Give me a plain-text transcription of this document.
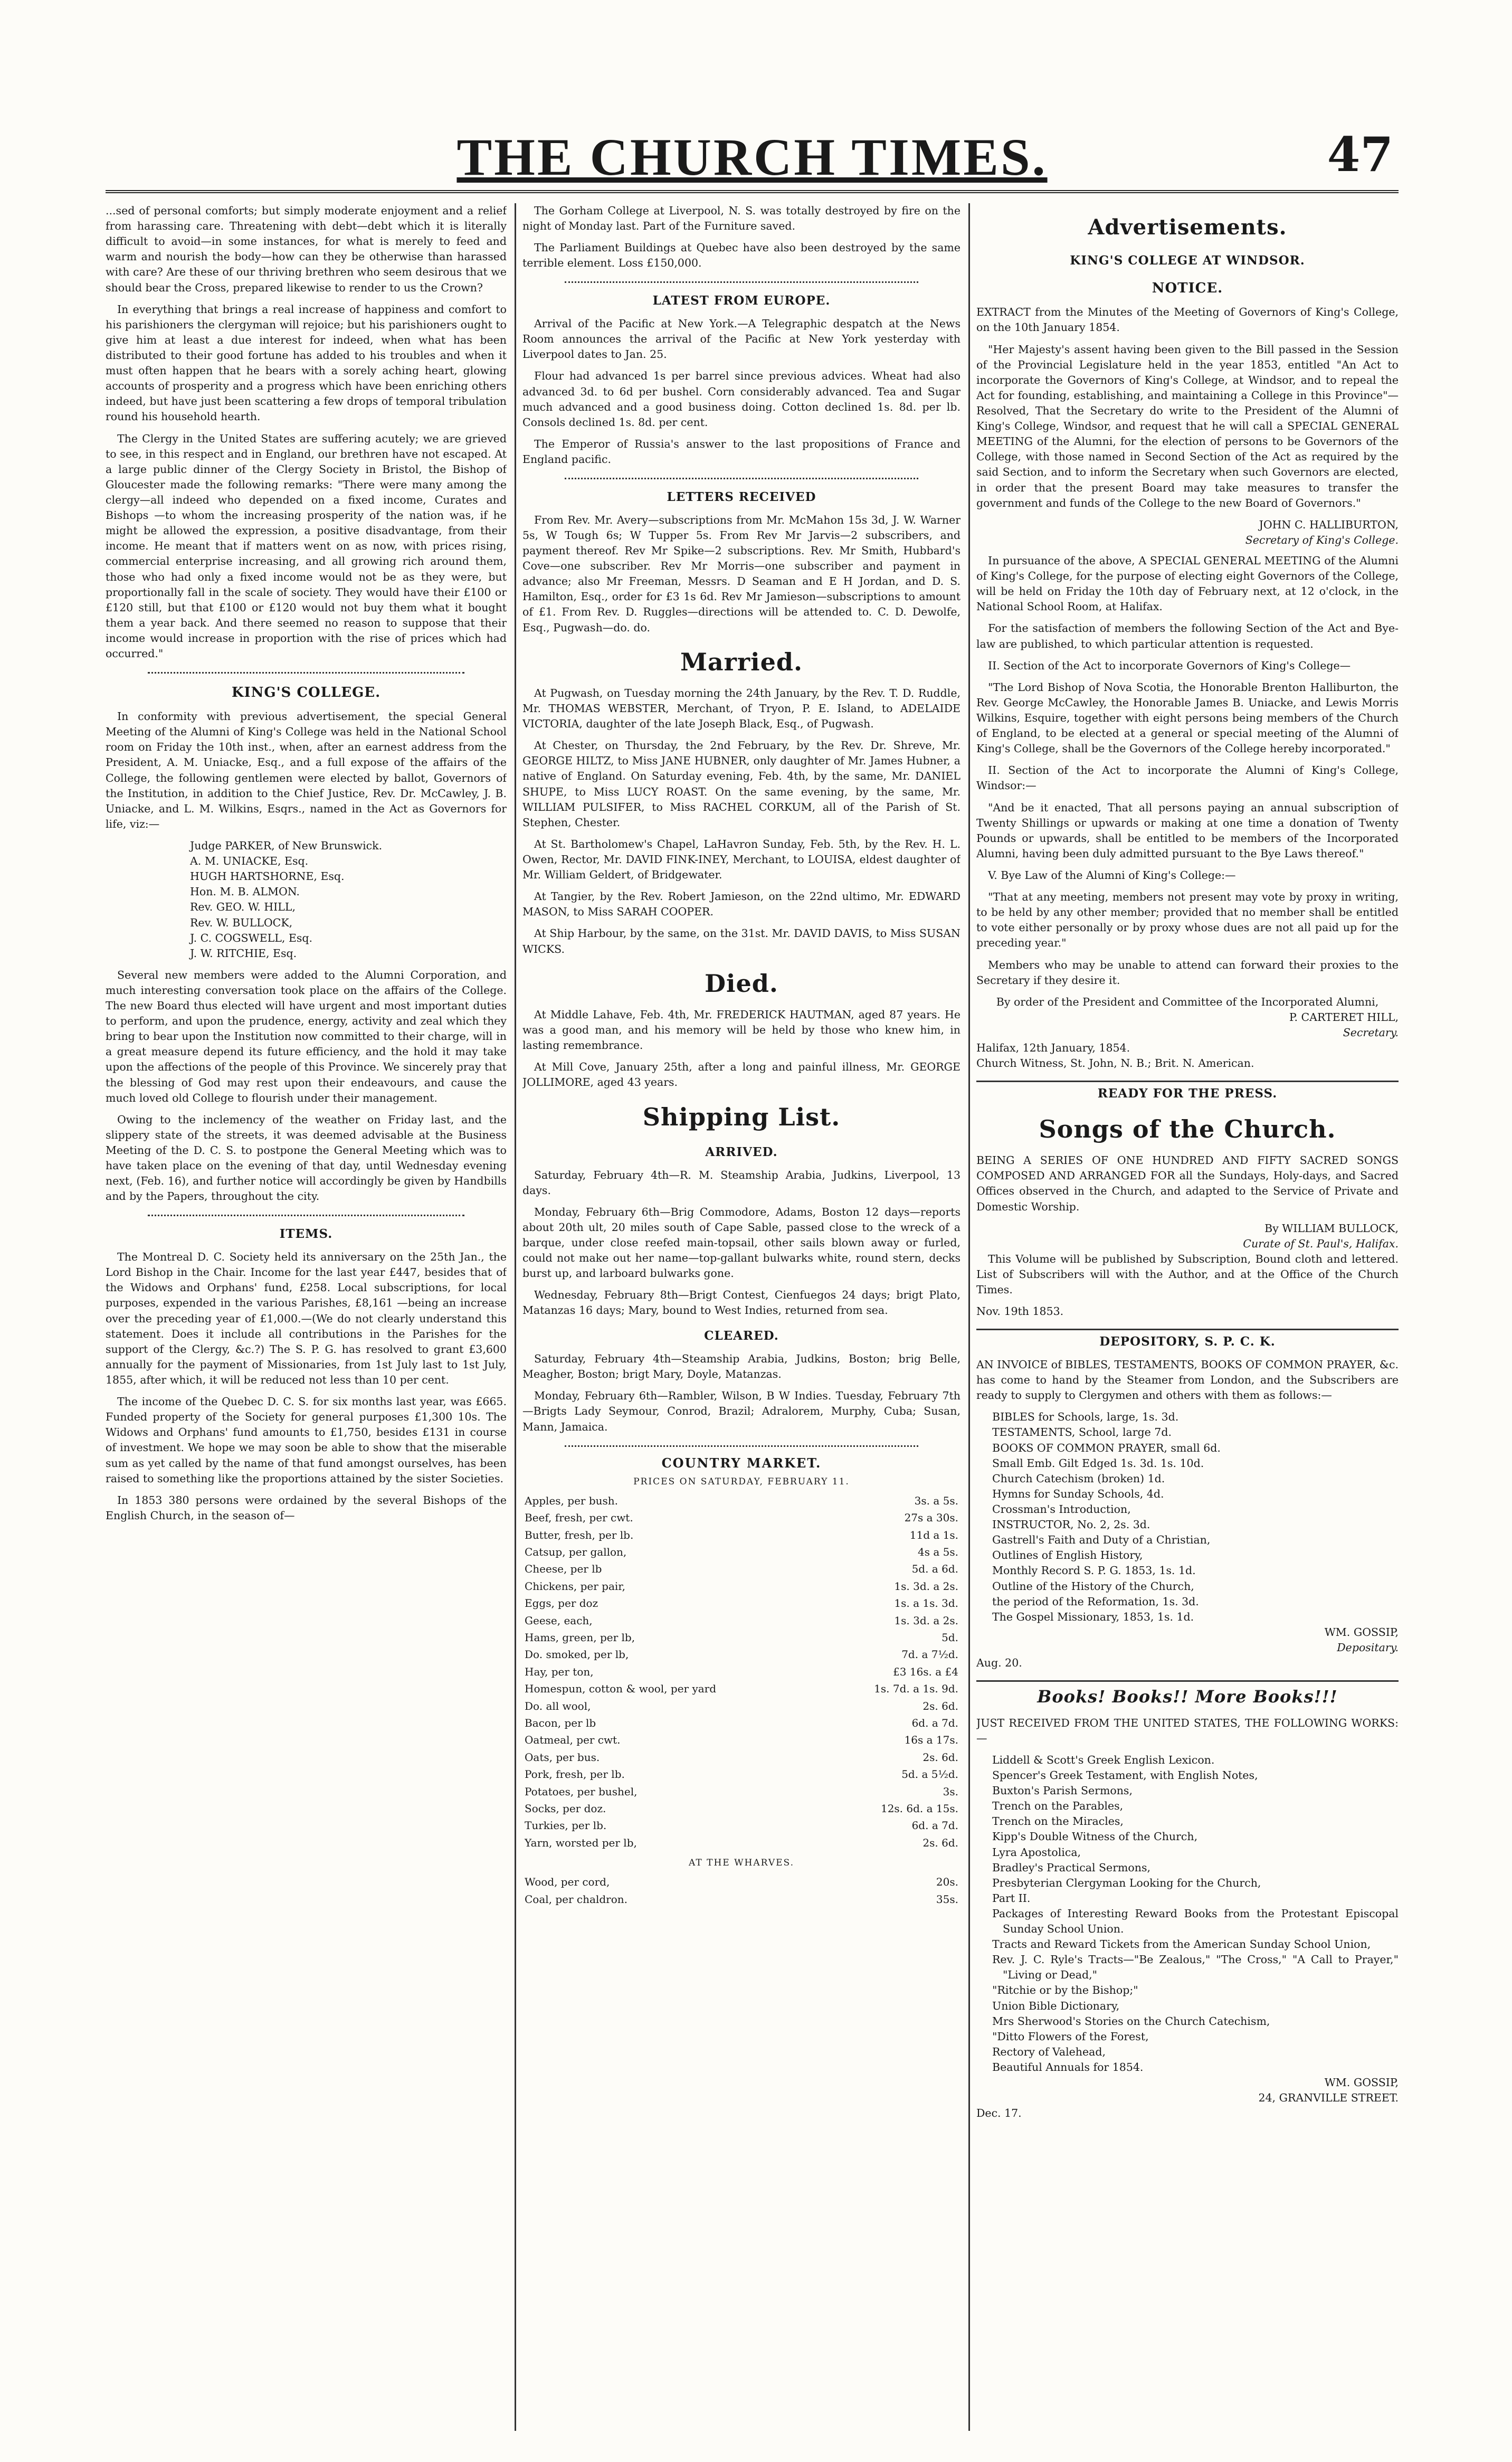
THE CHURCH TIMES.	47

...sed of personal comforts; but simply moderate enjoyment and a relief from harassing care. Threatening with debt—debt which it is literally difficult to avoid—in some instances, for what is merely to feed and warm and nourish the body—how can they be otherwise than harassed with care? Are these of our thriving brethren who seem desirous that we should bear the Cross, prepared likewise to render to us the Crown?

In everything that brings a real increase of happiness and comfort to his parishioners the clergyman will rejoice; but his parishioners ought to give him at least a due interest for indeed, when what has been distributed to their good fortune has added to his troubles and when it must often happen that he bears with a sorely aching heart, glowing accounts of prosperity and a progress which have been enriching others indeed, but have just been scattering a few drops of temporal tribulation round his household hearth.

The Clergy in the United States are suffering acutely; we are grieved to see, in this respect and in England, our brethren have not escaped. At a large public dinner of the Clergy Society in Bristol, the Bishop of Gloucester made the following remarks: "There were many among the clergy—all indeed who depended on a fixed income, Curates and Bishops —to whom the increasing prosperity of the nation was, if he might be allowed the expression, a positive disadvantage, from their income. He meant that if matters went on as now, with prices rising, commercial enterprise increasing, and all growing rich around them, those who had only a fixed income would not be as they were, but proportionally fall in the scale of society. They would have their £100 or £120 still, but that £100 or £120 would not buy them what it bought them a year back. And there seemed no reason to suppose that their income would increase in proportion with the rise of prices which had occurred."

KING'S COLLEGE.

In conformity with previous advertisement, the special General Meeting of the Alumni of King's College was held in the National School room on Friday the 10th inst., when, after an earnest address from the President, A. M. Uniacke, Esq., and a full expose of the affairs of the College, the following gentlemen were elected by ballot, Governors of the Institution, in addition to the Chief Justice, Rev. Dr. McCawley, J. B. Uniacke, and L. M. Wilkins, Esqrs., named in the Act as Governors for life, viz:—

Judge PARKER, of New Brunswick.
A. M. UNIACKE, Esq.
HUGH HARTSHORNE, Esq.
Hon. M. B. ALMON.
Rev. GEO. W. HILL,
Rev. W. BULLOCK,
J. C. COGSWELL, Esq.
J. W. RITCHIE, Esq.

Several new members were added to the Alumni Corporation, and much interesting conversation took place on the affairs of the College. The new Board thus elected will have urgent and most important duties to perform, and upon the prudence, energy, activity and zeal which they bring to bear upon the Institution now committed to their charge, will in a great measure depend its future efficiency, and the hold it may take upon the affections of the people of this Province. We sincerely pray that the blessing of God may rest upon their endeavours, and cause the much loved old College to flourish under their management.

Owing to the inclemency of the weather on Friday last, and the slippery state of the streets, it was deemed advisable at the Business Meeting of the D. C. S. to postpone the General Meeting which was to have taken place on the evening of that day, until Wednesday evening next, (Feb. 16), and further notice will accordingly be given by Handbills and by the Papers, throughout the city.

ITEMS.

The Montreal D. C. Society held its anniversary on the 25th Jan., the Lord Bishop in the Chair. Income for the last year £447, besides that of the Widows and Orphans' fund, £258. Local subscriptions, for local purposes, expended in the various Parishes, £8,161 —being an increase over the preceding year of £1,000.—(We do not clearly understand this statement. Does it include all contributions in the Parishes for the support of the Clergy, &c.?) The S. P. G. has resolved to grant £3,600 annually for the payment of Missionaries, from 1st July last to 1st July, 1855, after which, it will be reduced not less than 10 per cent.

The income of the Quebec D. C. S. for six months last year, was £665. Funded property of the Society for general purposes £1,300 10s. The Widows and Orphans' fund amounts to £1,750, besides £131 in course of investment. We hope we may soon be able to show that the miserable sum as yet called by the name of that fund amongst ourselves, has been raised to something like the proportions attained by the sister Societies.

In 1853 380 persons were ordained by the several Bishops of the English Church, in the season of—

The Gorham College at Liverpool, N. S. was totally destroyed by fire on the night of Monday last. Part of the Furniture saved.

The Parliament Buildings at Quebec have also been destroyed by the same terrible element. Loss £150,000.

LATEST FROM EUROPE.

Arrival of the Pacific at New York.—A Telegraphic despatch at the News Room announces the arrival of the Pacific at New York yesterday with Liverpool dates to Jan. 25.

Flour had advanced 1s per barrel since previous advices. Wheat had also advanced 3d. to 6d per bushel. Corn considerably advanced. Tea and Sugar much advanced and a good business doing. Cotton declined 1s. 8d. per lb. Consols declined 1s. 8d. per cent.

The Emperor of Russia's answer to the last propositions of France and England pacific.

LETTERS RECEIVED

From Rev. Mr. Avery—subscriptions from Mr. McMahon 15s 3d, J. W. Warner 5s, W Tough 6s; W Tupper 5s. From Rev Mr Jarvis—2 subscribers, and payment thereof. Rev Mr Spike—2 subscriptions. Rev. Mr Smith, Hubbard's Cove—one subscriber. Rev Mr Morris—one subscriber and payment in advance; also Mr Freeman, Messrs. D Seaman and E H Jordan, and D. S. Hamilton, Esq., order for £3 1s 6d. Rev Mr Jamieson—subscriptions to amount of £1. From Rev. D. Ruggles—directions will be attended to. C. D. Dewolfe, Esq., Pugwash—do. do.

Married.

At Pugwash, on Tuesday morning the 24th January, by the Rev. T. D. Ruddle, Mr. THOMAS WEBSTER, Merchant, of Tryon, P. E. Island, to ADELAIDE VICTORIA, daughter of the late Joseph Black, Esq., of Pugwash.

At Chester, on Thursday, the 2nd February, by the Rev. Dr. Shreve, Mr. GEORGE HILTZ, to Miss JANE HUBNER, only daughter of Mr. James Hubner, a native of England. On Saturday evening, Feb. 4th, by the same, Mr. DANIEL SHUPE, to Miss LUCY ROAST. On the same evening, by the same, Mr. WILLIAM PULSIFER, to Miss RACHEL CORKUM, all of the Parish of St. Stephen, Chester.

At St. Bartholomew's Chapel, LaHavron Sunday, Feb. 5th, by the Rev. H. L. Owen, Rector, Mr. DAVID FINK-INEY, Merchant, to LOUISA, eldest daughter of Mr. William Geldert, of Bridgewater.

At Tangier, by the Rev. Robert Jamieson, on the 22nd ultimo, Mr. EDWARD MASON, to Miss SARAH COOPER.

At Ship Harbour, by the same, on the 31st. Mr. DAVID DAVIS, to Miss SUSAN WICKS.

Died.

At Middle Lahave, Feb. 4th, Mr. FREDERICK HAUTMAN, aged 87 years. He was a good man, and his memory will be held by those who knew him, in lasting remembrance.

At Mill Cove, January 25th, after a long and painful illness, Mr. GEORGE JOLLIMORE, aged 43 years.

Shipping List.
ARRIVED.

Saturday, February 4th—R. M. Steamship Arabia, Judkins, Liverpool, 13 days.

Monday, February 6th—Brig Commodore, Adams, Boston 12 days—reports about 20th ult, 20 miles south of Cape Sable, passed close to the wreck of a barque, under close reefed main-topsail, other sails blown away or furled, could not make out her name—top-gallant bulwarks white, round stern, decks burst up, and larboard bulwarks gone.

Wednesday, February 8th—Brigt Contest, Cienfuegos 24 days; brigt Plato, Matanzas 16 days; Mary, bound to West Indies, returned from sea.

CLEARED.

Saturday, February 4th—Steamship Arabia, Judkins, Boston; brig Belle, Meagher, Boston; brigt Mary, Doyle, Matanzas.

Monday, February 6th—Rambler, Wilson, B W Indies. Tuesday, February 7th—Brigts Lady Seymour, Conrod, Brazil; Adralorem, Murphy, Cuba; Susan, Mann, Jamaica.

COUNTRY MARKET.
PRICES ON SATURDAY, FEBRUARY 11.
Apples, per bush.	3s. a 5s.
Beef, fresh, per cwt.	27s a 30s.
Butter, fresh, per lb.	11d a 1s.
Catsup, per gallon,	4s a 5s.
Cheese, per lb	5d. a 6d.
Chickens, per pair,	1s. 3d. a 2s.
Eggs, per doz	1s. a 1s. 3d.
Geese, each,	1s. 3d. a 2s.
Hams, green, per lb,	5d.
Do. smoked, per lb,	7d. a 7½d.
Hay, per ton,	£3 16s. a £4
Homespun, cotton & wool, per yard	1s. 7d. a 1s. 9d.
Do. all wool,	2s. 6d.
Bacon, per lb	6d. a 7d.
Oatmeal, per cwt.	16s a 17s.
Oats, per bus.	2s. 6d.
Pork, fresh, per lb.	5d. a 5½d.
Potatoes, per bushel,	3s.
Socks, per doz.	12s. 6d. a 15s.
Turkies, per lb.	6d. a 7d.
Yarn, worsted per lb,	2s. 6d.
AT THE WHARVES.
Wood, per cord,	20s.
Coal, per chaldron.	35s.
Advertisements.
KING'S COLLEGE AT WINDSOR.
NOTICE.

EXTRACT from the Minutes of the Meeting of Governors of King's College, on the 10th January 1854.

"Her Majesty's assent having been given to the Bill passed in the Session of the Provincial Legislature held in the year 1853, entitled "An Act to incorporate the Governors of King's College, at Windsor, and to repeal the Act for founding, establishing, and maintaining a College in this Province"—Resolved, That the Secretary do write to the President of the Alumni of King's College, Windsor, and request that he will call a SPECIAL GENERAL MEETING of the Alumni, for the election of persons to be Governors of the College, with those named in Second Section of the Act as required by the said Section, and to inform the Secretary when such Governors are elected, in order that the present Board may take measures to transfer the government and funds of the College to the new Board of Governors."

JOHN C. HALLIBURTON,
Secretary of King's College.

In pursuance of the above, A SPECIAL GENERAL MEETING of the Alumni of King's College, for the purpose of electing eight Governors of the College, will be held on Friday the 10th day of February next, at 12 o'clock, in the National School Room, at Halifax.

For the satisfaction of members the following Section of the Act and Bye-law are published, to which particular attention is requested.

II. Section of the Act to incorporate Governors of King's College—

"The Lord Bishop of Nova Scotia, the Honorable Brenton Halliburton, the Rev. George McCawley, the Honorable James B. Uniacke, and Lewis Morris Wilkins, Esquire, together with eight persons being members of the Church of England, to be elected at a general or special meeting of the Alumni of King's College, shall be the Governors of the College hereby incorporated."

II. Section of the Act to incorporate the Alumni of King's College, Windsor:—

"And be it enacted, That all persons paying an annual subscription of Twenty Shillings or upwards or making at one time a donation of Twenty Pounds or upwards, shall be entitled to be members of the Incorporated Alumni, having been duly admitted pursuant to the Bye Laws thereof."

V. Bye Law of the Alumni of King's College:—

"That at any meeting, members not present may vote by proxy in writing, to be held by any other member; provided that no member shall be entitled to vote either personally or by proxy whose dues are not all paid up for the preceding year."

Members who may be unable to attend can forward their proxies to the Secretary if they desire it.

By order of the President and Committee of the Incorporated Alumni,
P. CARTERET HILL,
Secretary.
Halifax, 12th January, 1854.
Church Witness, St. John, N. B.; Brit. N. American.
READY FOR THE PRESS.
Songs of the Church.

BEING A SERIES OF ONE HUNDRED AND FIFTY SACRED SONGS COMPOSED AND ARRANGED FOR all the Sundays, Holy-days, and Sacred Offices observed in the Church, and adapted to the Service of Private and Domestic Worship.

By WILLIAM BULLOCK,
Curate of St. Paul's, Halifax.

This Volume will be published by Subscription, Bound cloth and lettered. List of Subscribers will with the Author, and at the Office of the Church Times.

Nov. 19th 1853.
DEPOSITORY, S. P. C. K.

AN INVOICE of BIBLES, TESTAMENTS, BOOKS OF COMMON PRAYER, &c. has come to hand by the Steamer from London, and the Subscribers are ready to supply to Clergymen and others with them as follows:—

BIBLES for Schools, large, 1s. 3d.
TESTAMENTS, School, large 7d.
BOOKS OF COMMON PRAYER, small 6d.
Small Emb. Gilt Edged 1s. 3d. 1s. 10d.
Church Catechism (broken) 1d.
Hymns for Sunday Schools, 4d.
Crossman's Introduction,
INSTRUCTOR, No. 2, 2s. 3d.
Gastrell's Faith and Duty of a Christian,
Outlines of English History,
Monthly Record S. P. G. 1853, 1s. 1d.
Outline of the History of the Church,
the period of the Reformation, 1s. 3d.
The Gospel Missionary, 1853, 1s. 1d.
WM. GOSSIP,
Depositary.
Aug. 20.
Books! Books!! More Books!!!

JUST RECEIVED FROM THE UNITED STATES, THE FOLLOWING WORKS:—

Liddell & Scott's Greek English Lexicon.
Spencer's Greek Testament, with English Notes,
Buxton's Parish Sermons,
Trench on the Parables,
Trench on the Miracles,
Kipp's Double Witness of the Church,
Lyra Apostolica,
Bradley's Practical Sermons,
Presbyterian Clergyman Looking for the Church,
Part II.
Packages of Interesting Reward Books from the Protestant Episcopal Sunday School Union.
Tracts and Reward Tickets from the American Sunday School Union,
Rev. J. C. Ryle's Tracts—"Be Zealous," "The Cross," "A Call to Prayer," "Living or Dead,"
"Ritchie or by the Bishop;"
Union Bible Dictionary,
Mrs Sherwood's Stories on the Church Catechism,
"Ditto Flowers of the Forest,
Rectory of Valehead,
Beautiful Annuals for 1854.
WM. GOSSIP,
24, GRANVILLE STREET.
Dec. 17.
